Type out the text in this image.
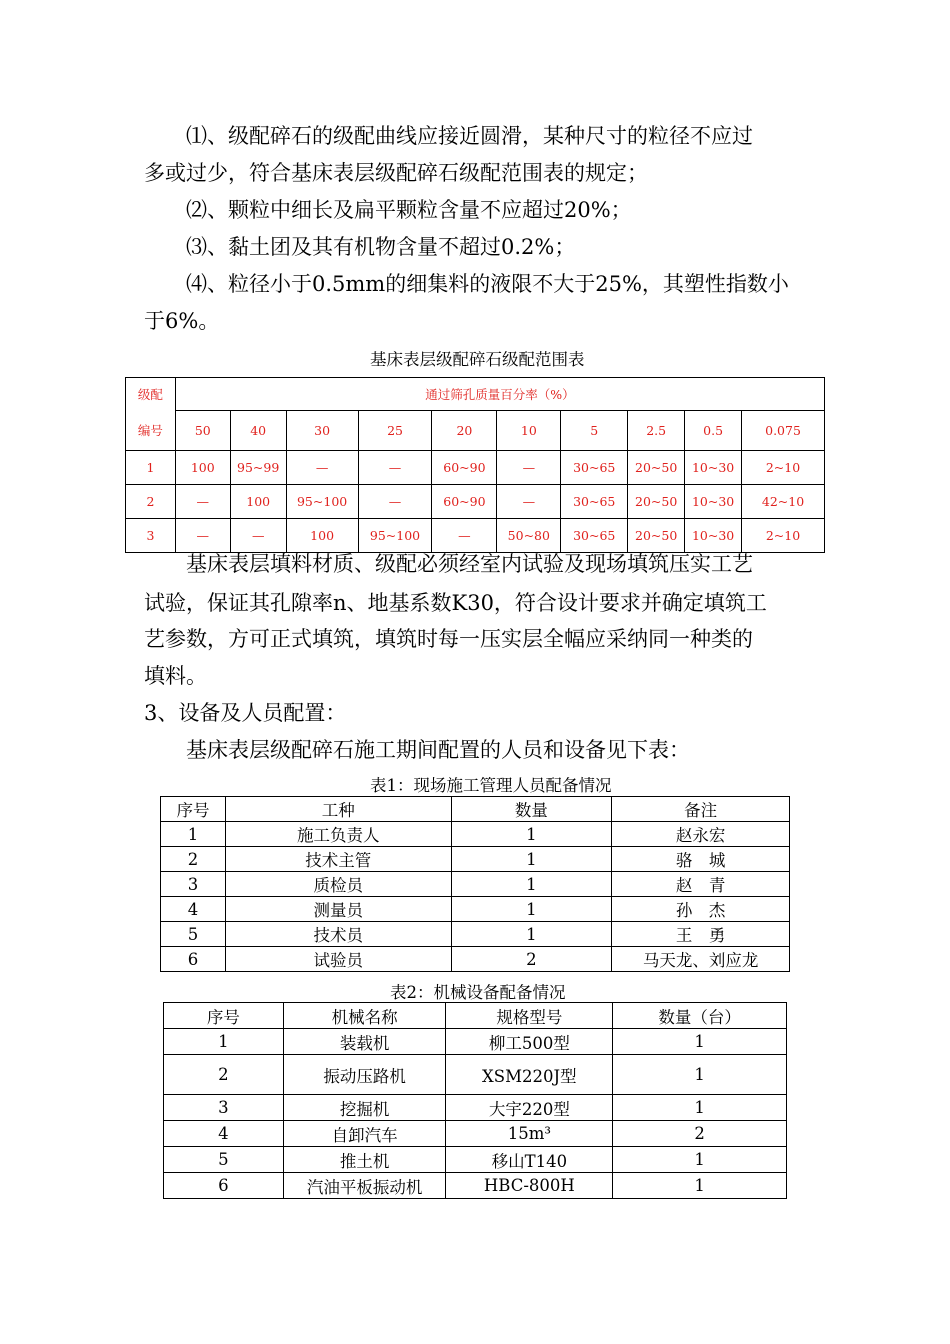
⑴、级配碎石的级配曲线应接近圆滑，某种尺寸的粒径不应过
多或过少，符合基床表层级配碎石级配范围表的规定；
⑵、颗粒中细长及扁平颗粒含量不应超过20%；
⑶、黏土团及其有机物含量不超过0.2%；
⑷、粒径小于0.5mm的细集料的液限不大于25%，其塑性指数小
于6%。
基床表层级配碎石级配范围表
级配	通过筛孔质量百分率（%）									
编号	50	40	30	25	20	10	5	2.5	0.5	0.075
1	100	95~99	—	—	60~90	—	30~65	20~50	10~30	2~10
2	—	100	95~100	—	60~90	—	30~65	20~50	10~30	42~10
3	—	—	100	95~100	—	50~80	30~65	20~50	10~30	2~10
基床表层填料材质、级配必须经室内试验及现场填筑压实工艺
试验，保证其孔隙率n、地基系数K30，符合设计要求并确定填筑工
艺参数，方可正式填筑，填筑时每一压实层全幅应采纳同一种类的
填料。
3、设备及人员配置：
基床表层级配碎石施工期间配置的人员和设备见下表：
表1：现场施工管理人员配备情况
序号	工种	数量	备注
1	施工负责人	1	赵永宏
2	技术主管	1	骆　城
3	质检员	1	赵　青
4	测量员	1	孙　杰
5	技术员	1	王　勇
6	试验员	2	马天龙、刘应龙
表2：机械设备配备情况
序号	机械名称	规格型号	数量（台）
1	装载机	柳工500型	1
2	振动压路机	XSM220J型	1
3	挖掘机	大宇220型	1
4	自卸汽车	15m³	2
5	推土机	移山T140	1
6	汽油平板振动机	HBC-800H	1
